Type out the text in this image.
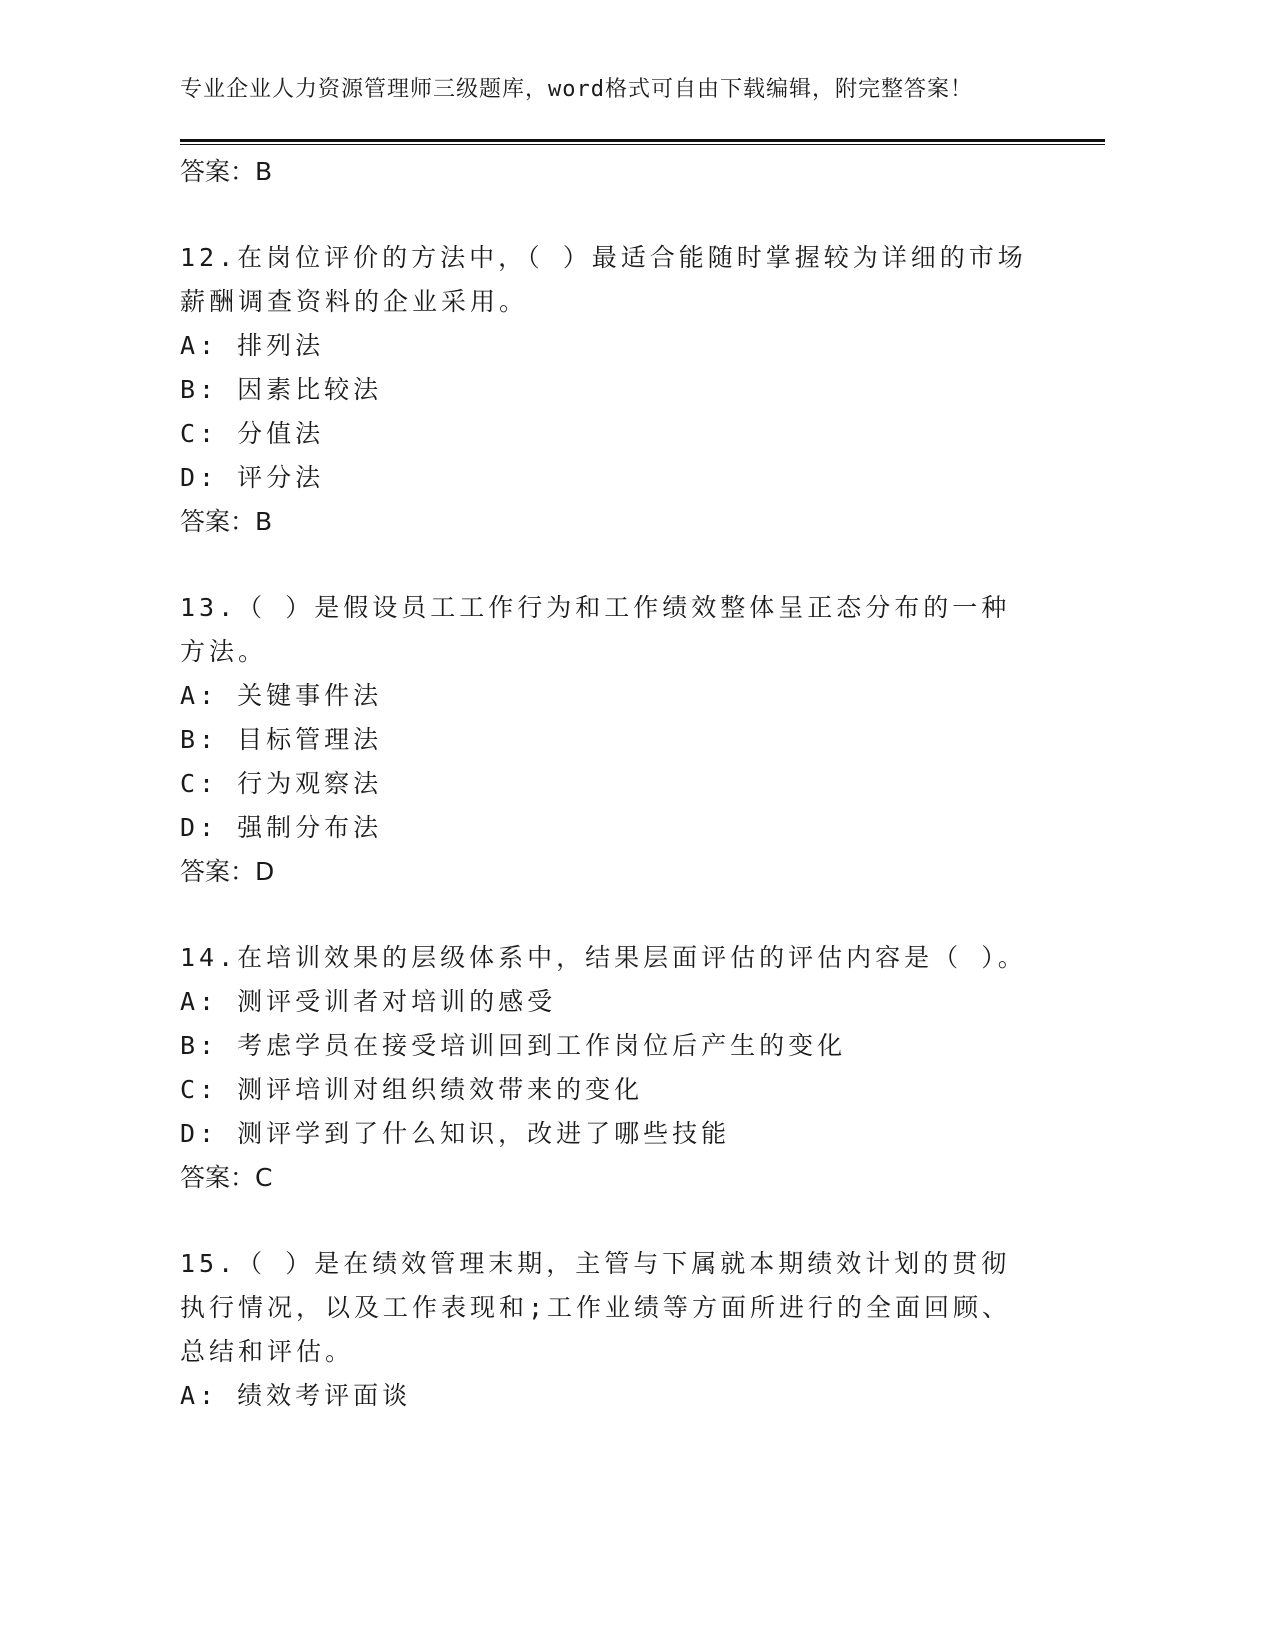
专业企业人力资源管理师三级题库，word格式可自由下载编辑，附完整答案！

答案：B

12.在岗位评价的方法中，（ ）最适合能随时掌握较为详细的市场薪酬调查资料的企业采用。

A: 排列法

B: 因素比较法

C: 分值法

D: 评分法

答案：B

13.（ ）是假设员工工作行为和工作绩效整体呈正态分布的一种方法。

A: 关键事件法

B: 目标管理法

C: 行为观察法

D: 强制分布法

答案：D

14.在培训效果的层级体系中，结果层面评估的评估内容是（ ）。

A: 测评受训者对培训的感受

B: 考虑学员在接受培训回到工作岗位后产生的变化

C: 测评培训对组织绩效带来的变化

D: 测评学到了什么知识，改进了哪些技能

答案：C

15.（ ）是在绩效管理末期，主管与下属就本期绩效计划的贯彻执行情况，以及工作表现和;工作业绩等方面所进行的全面回顾、总结和评估。

A: 绩效考评面谈
